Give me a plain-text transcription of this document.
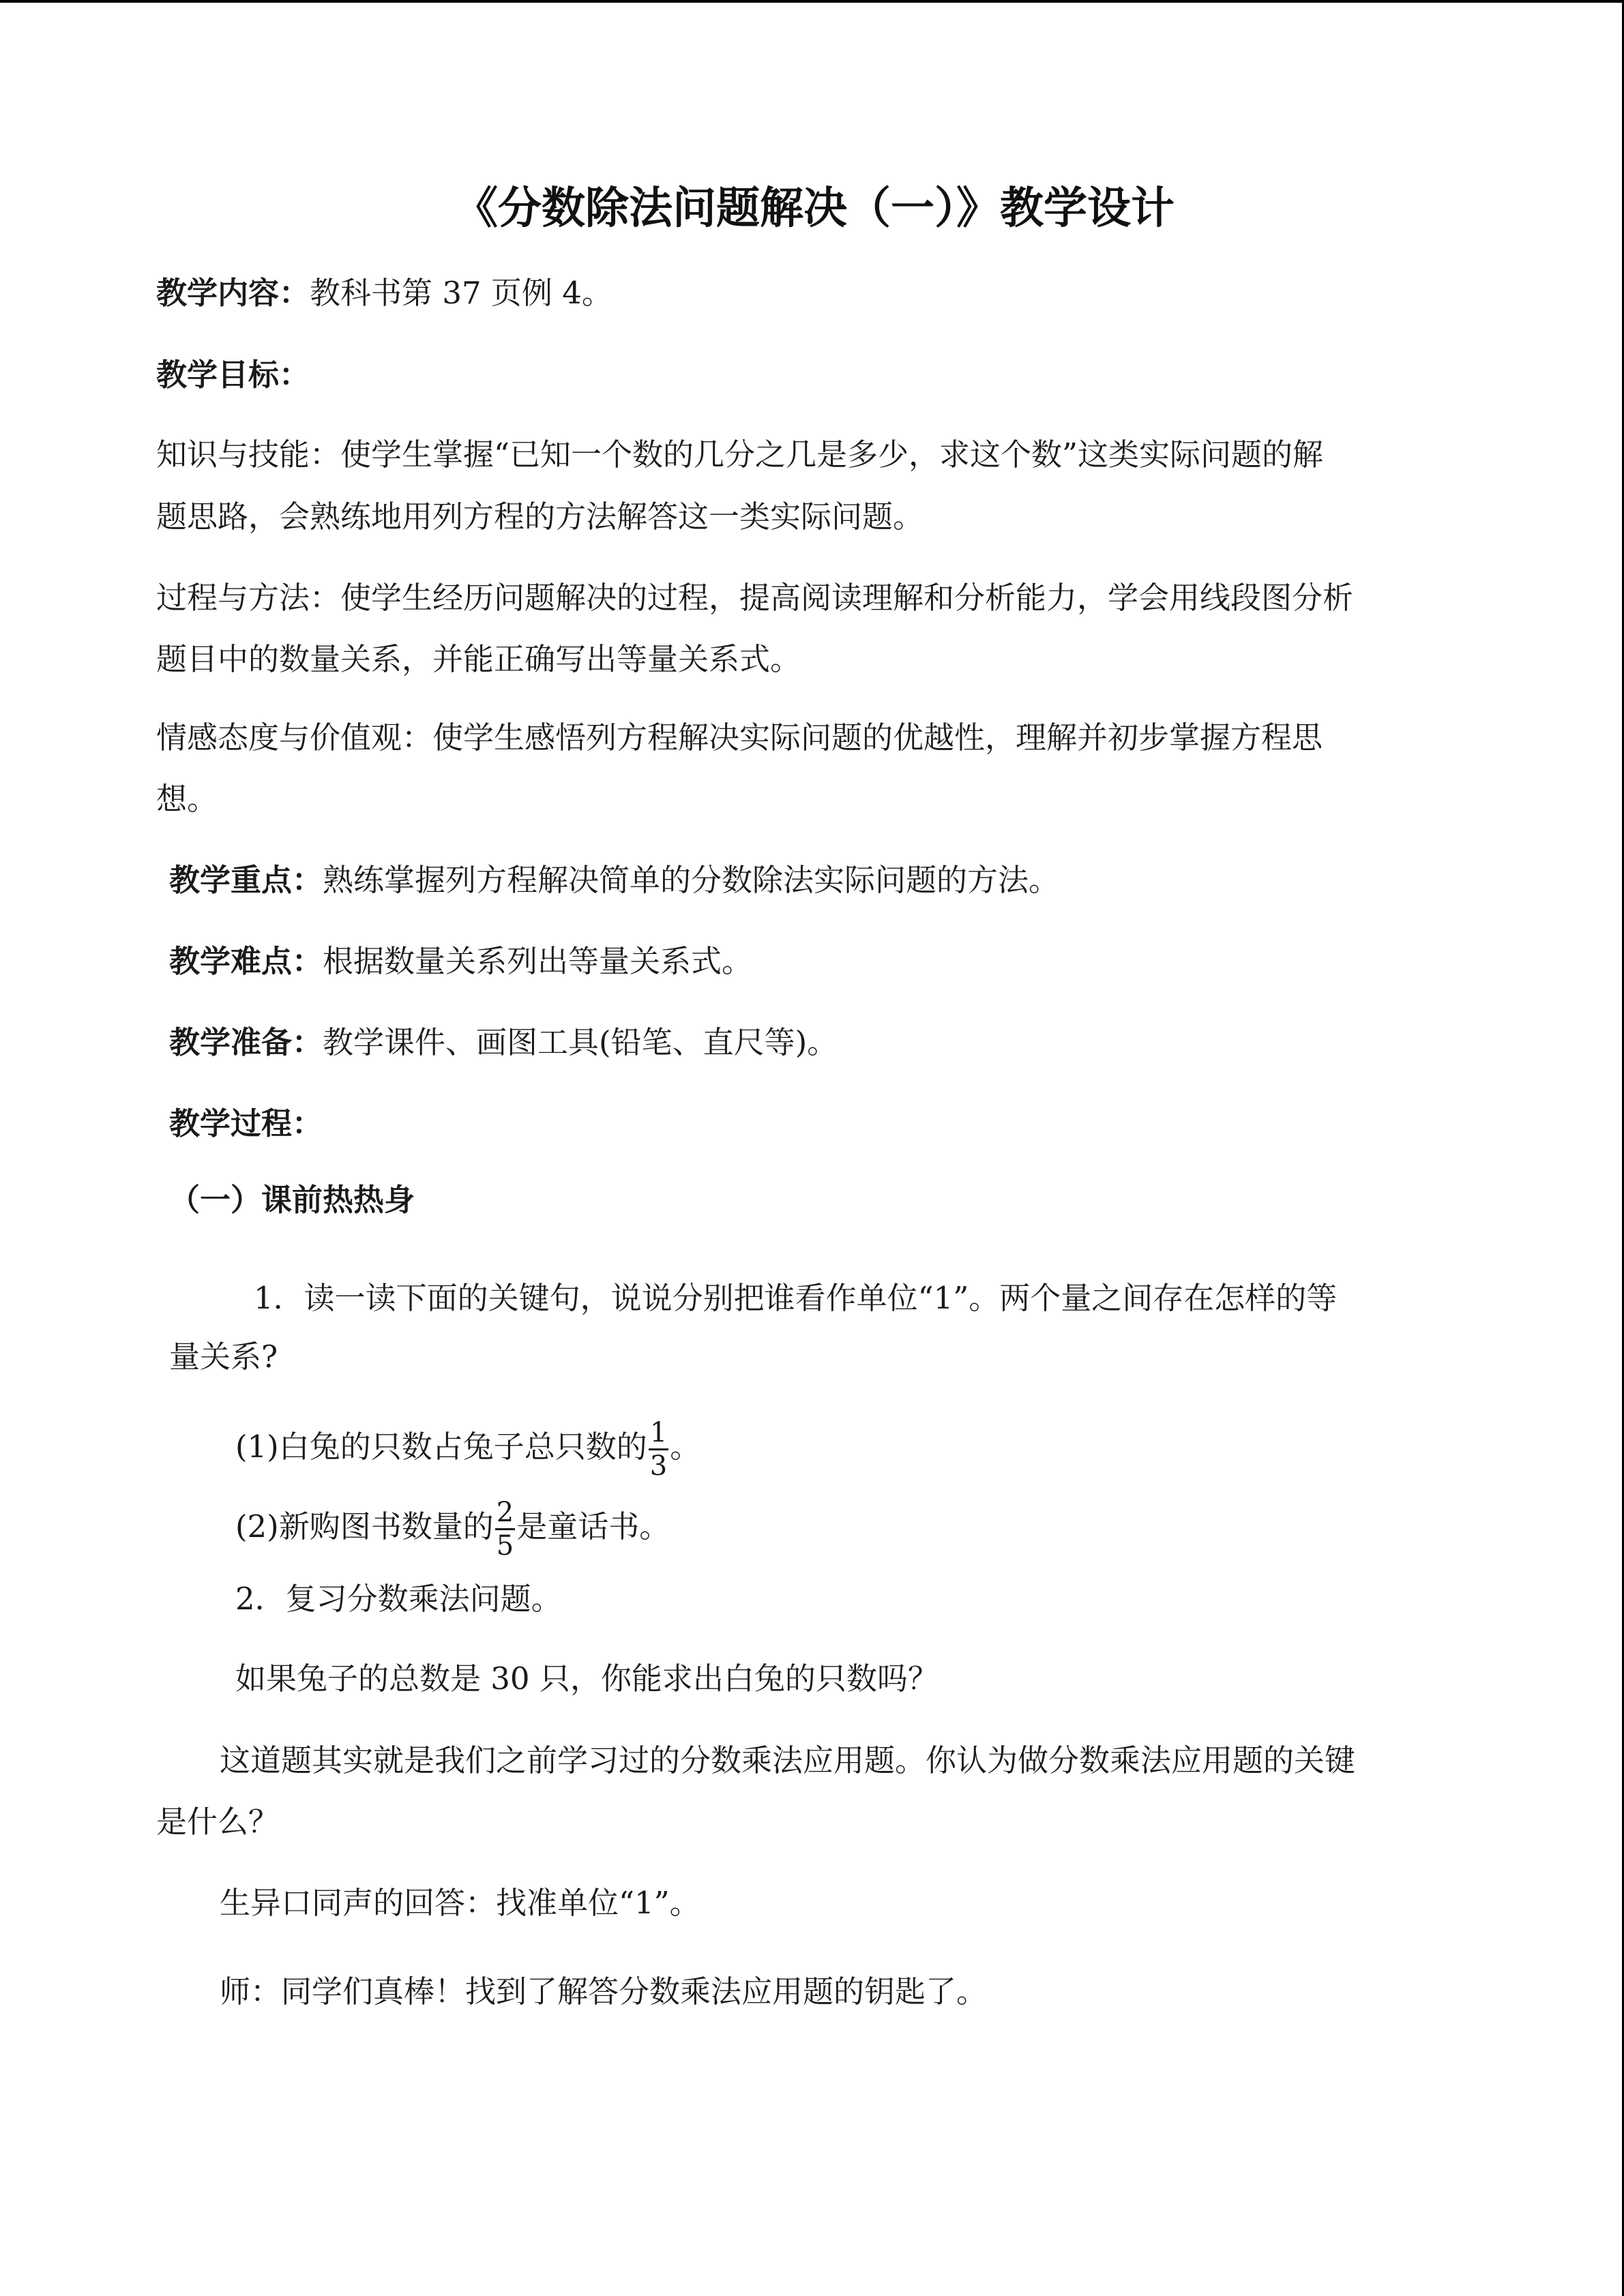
《分数除法问题解决（一）》教学设计
教学内容：教科书第 37 页例 4。
教学目标：
知识与技能：使学生掌握“已知一个数的几分之几是多少，求这个数”这类实际问题的解
题思路，会熟练地用列方程的方法解答这一类实际问题。
过程与方法：使学生经历问题解决的过程，提高阅读理解和分析能力，学会用线段图分析
题目中的数量关系，并能正确写出等量关系式。
情感态度与价值观：使学生感悟列方程解决实际问题的优越性，理解并初步掌握方程思
想。
教学重点：熟练掌握列方程解决简单的分数除法实际问题的方法。
教学难点：根据数量关系列出等量关系式。
教学准备：教学课件、画图工具(铅笔、直尺等)。
教学过程：
（一）课前热热身
1．读一读下面的关键句，说说分别把谁看作单位“1”。两个量之间存在怎样的等
量关系?
(1)白兔的只数占兔子总只数的 $\frac{1}{3}$ 。
(2)新购图书数量的 $\frac{2}{5}$ 是童话书。
2．复习分数乘法问题。
如果兔子的总数是 30 只，你能求出白兔的只数吗？
这道题其实就是我们之前学习过的分数乘法应用题。你认为做分数乘法应用题的关键
是什么？
生异口同声的回答：找准单位“1”。
师：同学们真棒！找到了解答分数乘法应用题的钥匙了。
